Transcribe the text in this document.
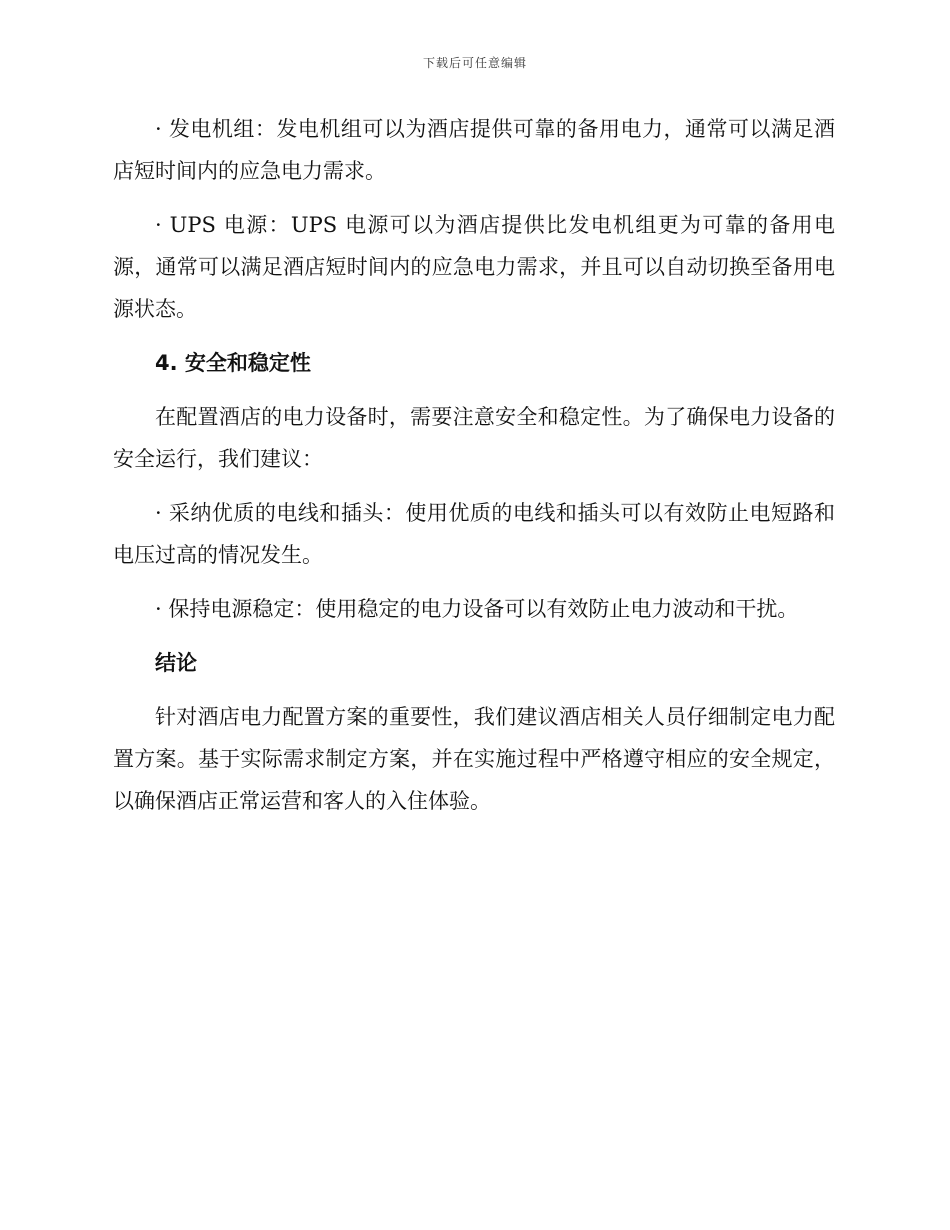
下载后可任意编辑

· 发电机组：发电机组可以为酒店提供可靠的备用电力，通常可以满足酒店短时间内的应急电力需求。

· UPS 电源：UPS 电源可以为酒店提供比发电机组更为可靠的备用电源，通常可以满足酒店短时间内的应急电力需求，并且可以自动切换至备用电源状态。

4. 安全和稳定性

在配置酒店的电力设备时，需要注意安全和稳定性。为了确保电力设备的安全运行，我们建议：

· 采纳优质的电线和插头：使用优质的电线和插头可以有效防止电短路和电压过高的情况发生。

· 保持电源稳定：使用稳定的电力设备可以有效防止电力波动和干扰。

结论

针对酒店电力配置方案的重要性，我们建议酒店相关人员仔细制定电力配置方案。基于实际需求制定方案，并在实施过程中严格遵守相应的安全规定，以确保酒店正常运营和客人的入住体验。
